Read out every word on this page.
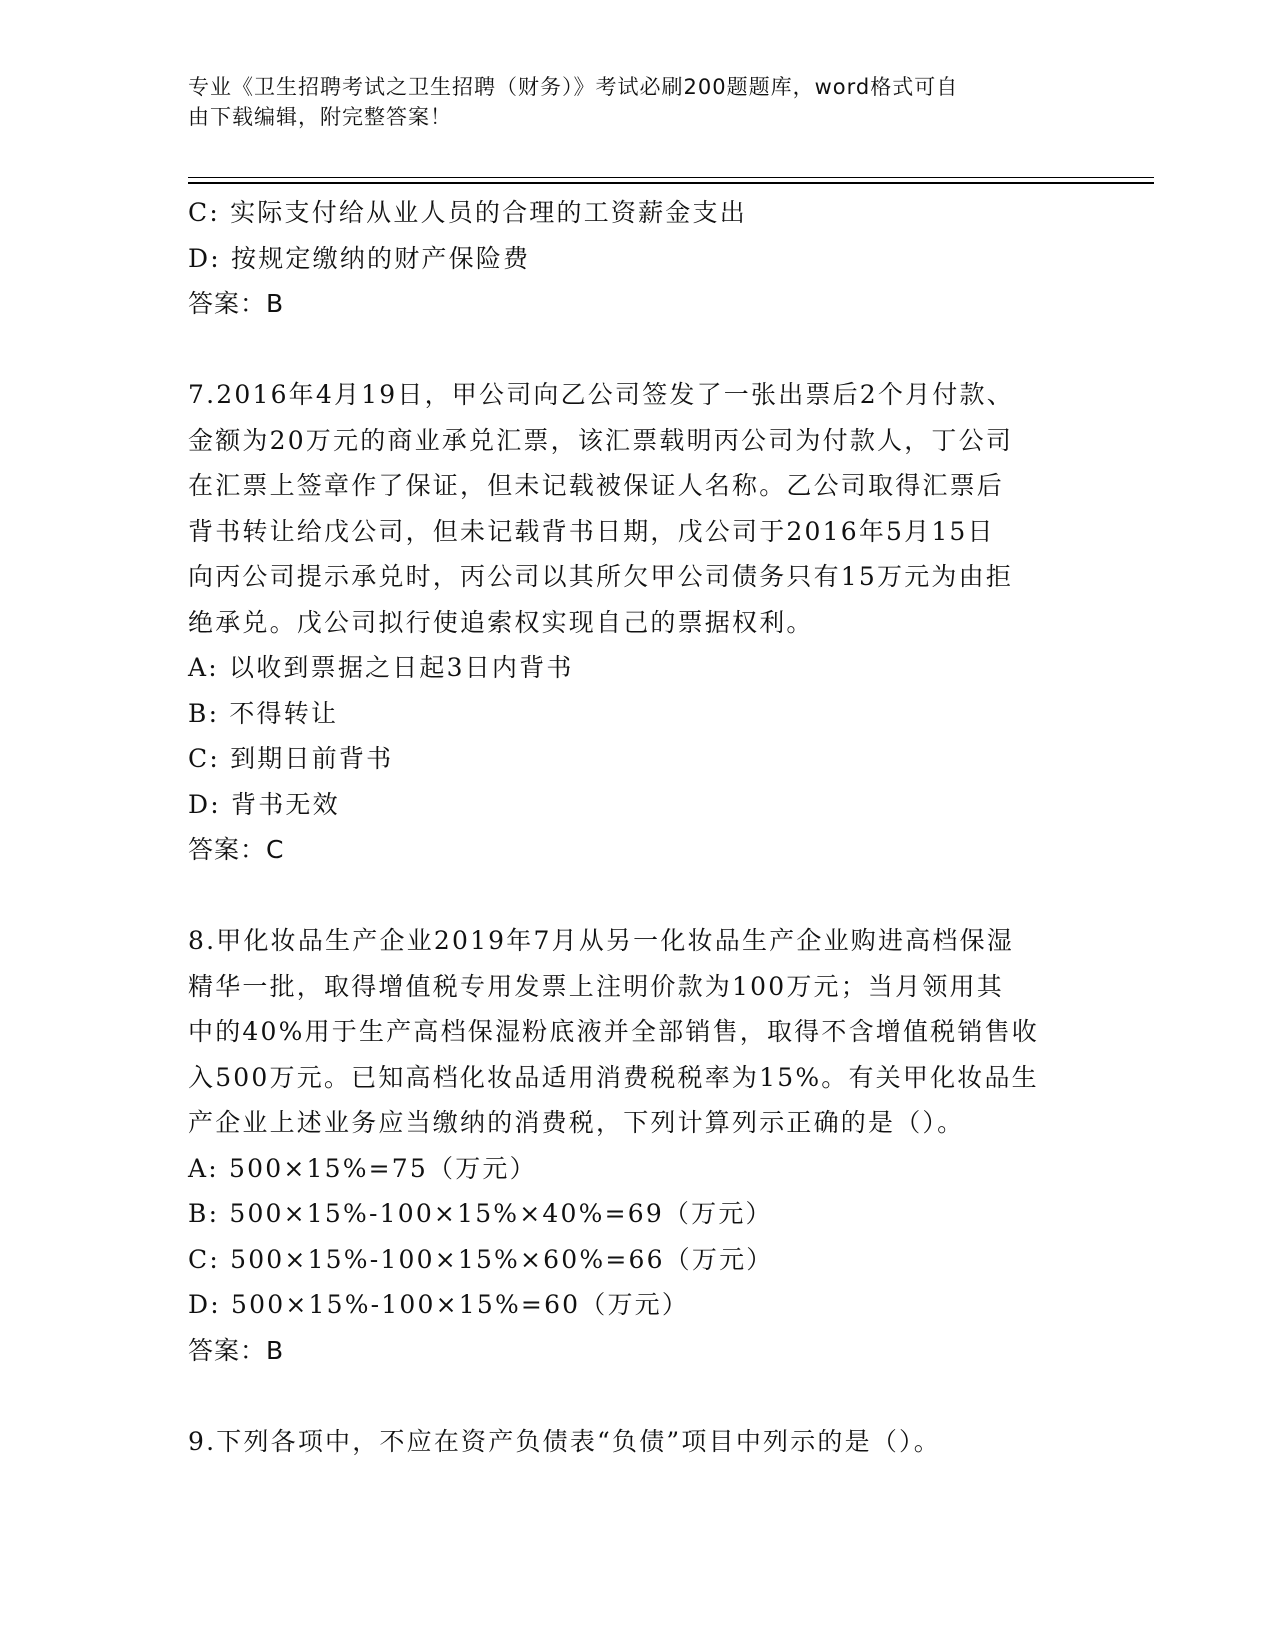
专业《卫生招聘考试之卫生招聘（财务）》考试必刷200题题库，word格式可自
由下载编辑，附完整答案！
C: 实际支付给从业人员的合理的工资薪金支出
D: 按规定缴纳的财产保险费
答案：B
7.2016年4月19日，甲公司向乙公司签发了一张出票后2个月付款、
金额为20万元的商业承兑汇票，该汇票载明丙公司为付款人，丁公司
在汇票上签章作了保证，但未记载被保证人名称。乙公司取得汇票后
背书转让给戊公司，但未记载背书日期，戊公司于2016年5月15日
向丙公司提示承兑时，丙公司以其所欠甲公司债务只有15万元为由拒
绝承兑。戊公司拟行使追索权实现自己的票据权利。
A: 以收到票据之日起3日内背书
B: 不得转让
C: 到期日前背书
D: 背书无效
答案：C
8.甲化妆品生产企业2019年7月从另一化妆品生产企业购进高档保湿
精华一批，取得增值税专用发票上注明价款为100万元；当月领用其
中的40%用于生产高档保湿粉底液并全部销售，取得不含增值税销售收
入500万元。已知高档化妆品适用消费税税率为15%。有关甲化妆品生
产企业上述业务应当缴纳的消费税，下列计算列示正确的是（）。
A: 500×15%=75（万元）
B: 500×15%-100×15%×40%=69（万元）
C: 500×15%-100×15%×60%=66（万元）
D: 500×15%-100×15%=60（万元）
答案：B
9.下列各项中，不应在资产负债表“负债”项目中列示的是（）。
